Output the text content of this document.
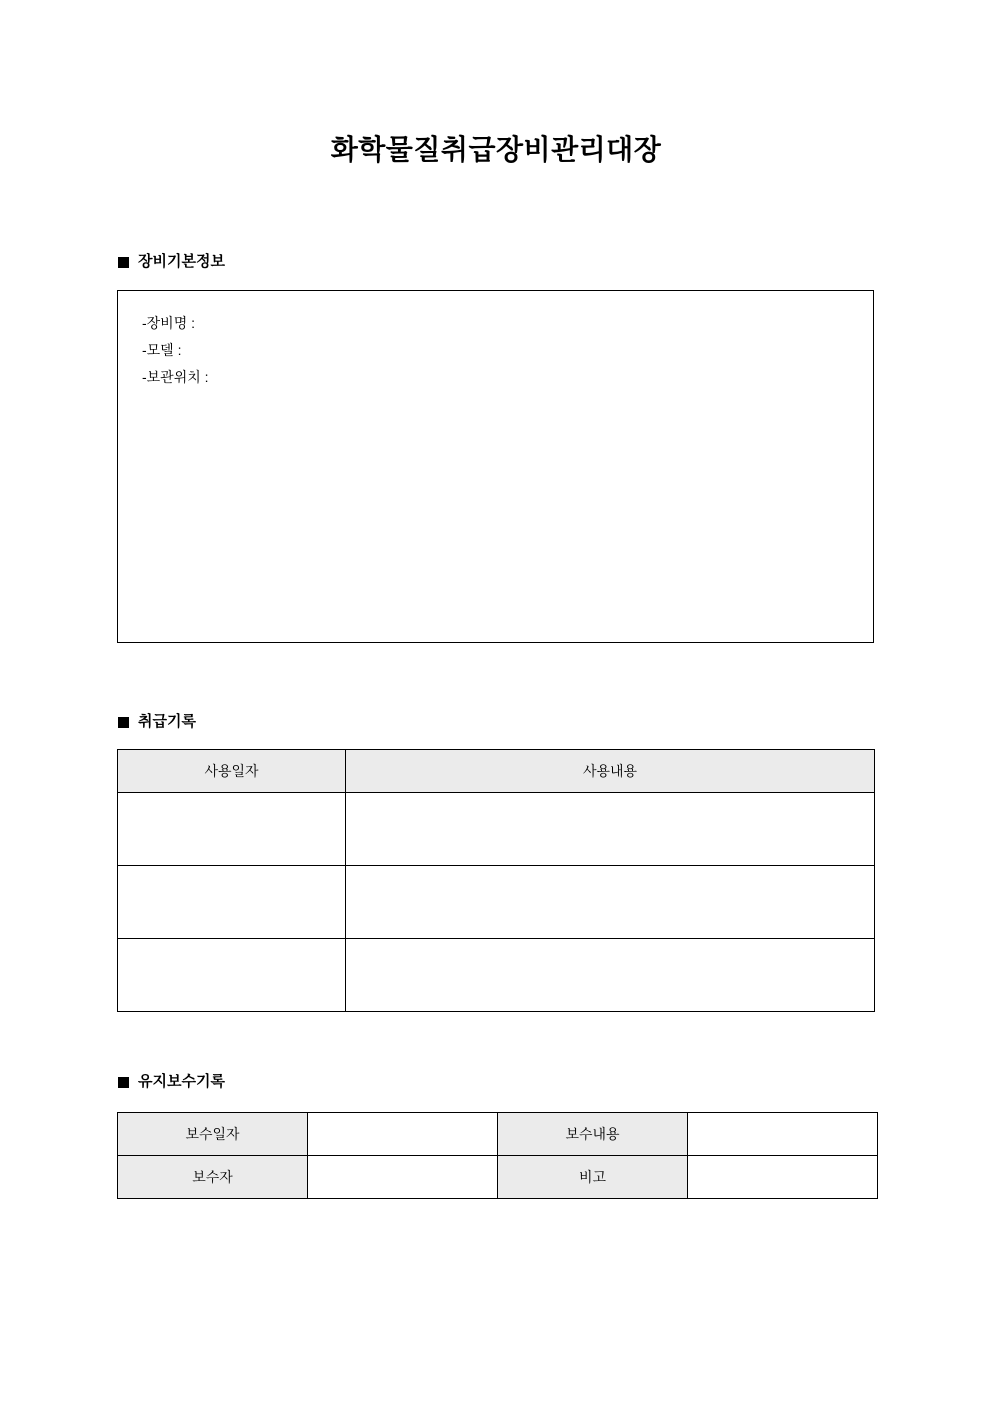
화학물질취급장비관리대장
장비기본정보
-장비명 :
-모델 :
-보관위치 :
취급기록
사용일자	사용내용

유지보수기록
보수일자		보수내용	
보수자		비고	
